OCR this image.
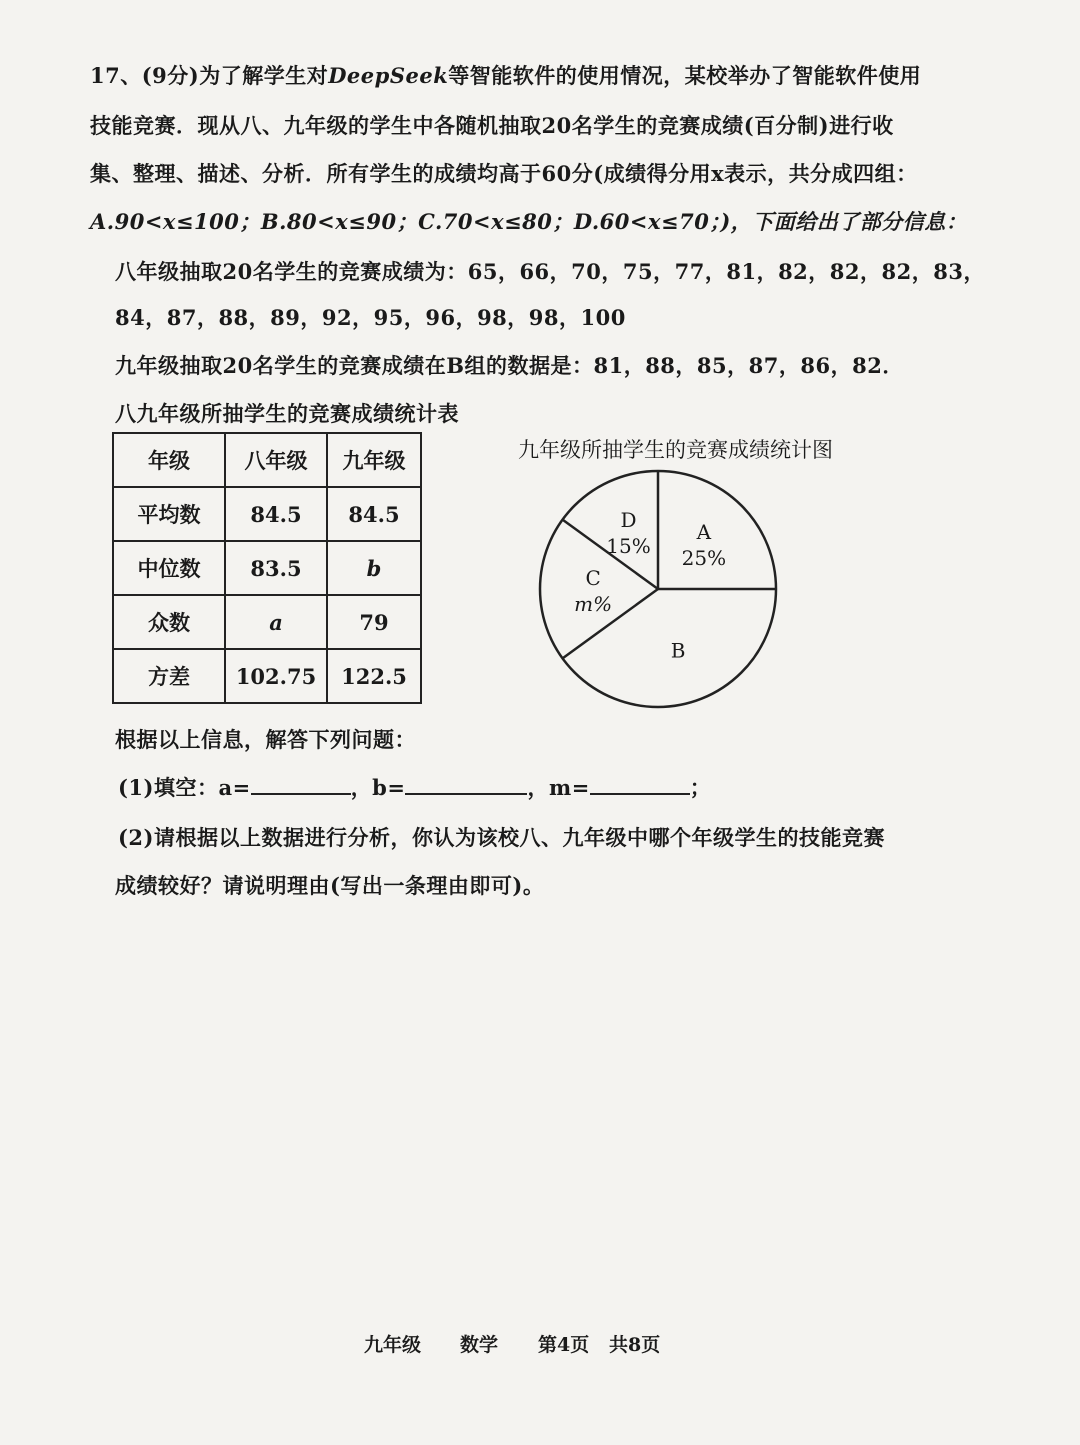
17、(9分)为了解学生对DeepSeek等智能软件的使用情况，某校举办了智能软件使用
技能竞赛．现从八、九年级的学生中各随机抽取20名学生的竞赛成绩(百分制)进行收
集、整理、描述、分析．所有学生的成绩均高于60分(成绩得分用x表示，共分成四组：
A.90<x≤100；B.80<x≤90；C.70<x≤80；D.60<x≤70；)，下面给出了部分信息：
八年级抽取20名学生的竞赛成绩为：65，66，70，75，77，81，82，82，82，83，
84，87，88，89，92，95，96，98，98，100
九年级抽取20名学生的竞赛成绩在B组的数据是：81，88，85，87，86，82．
八九年级所抽学生的竞赛成绩统计表
年级	八年级	九年级
平均数	84.5	84.5
中位数	83.5	b
众数	a	79
方差	102.75	122.5
九年级所抽学生的竞赛成绩统计图
A
25%
B
C
m%
D
15%
根据以上信息，解答下列问题：
(1)填空：a=	，b=	，m=	；
(2)请根据以上数据进行分析，你认为该校八、九年级中哪个年级学生的技能竞赛
成绩较好？请说明理由(写出一条理由即可)。
九年级 数学 第4页 共8页
